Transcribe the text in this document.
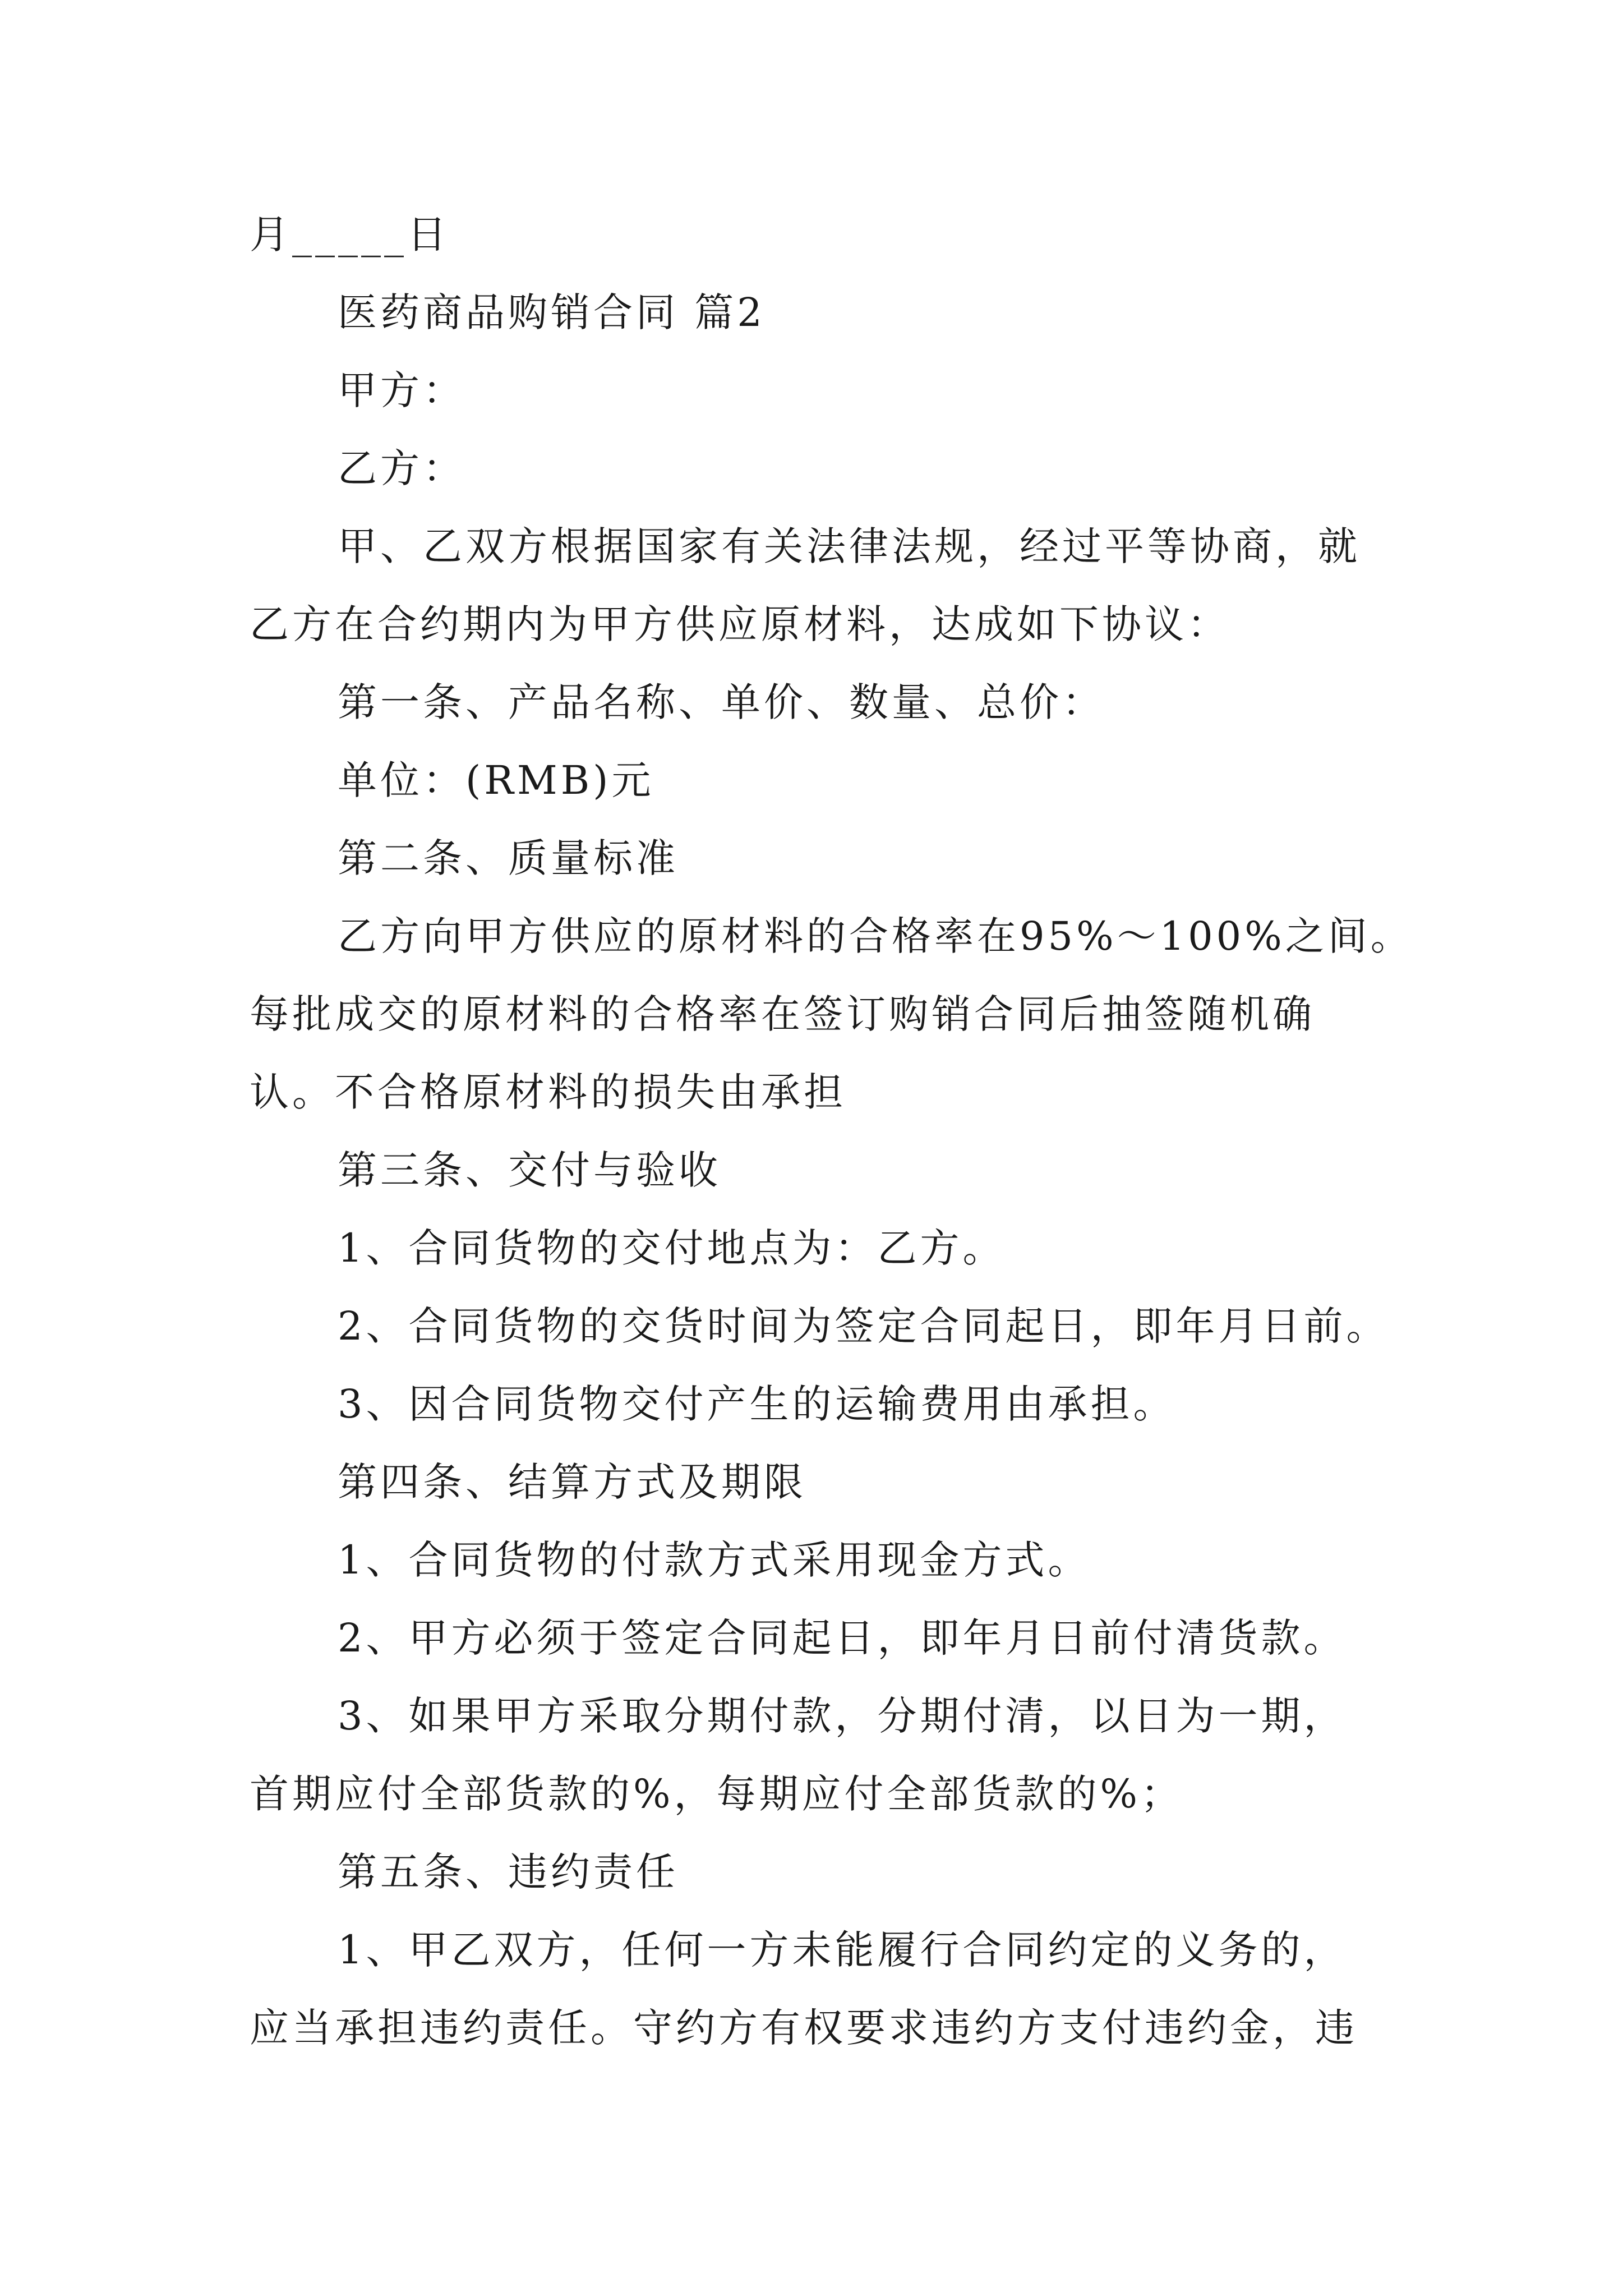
月_____日
医药商品购销合同 篇2
甲方：
乙方：
甲、乙双方根据国家有关法律法规，经过平等协商，就
乙方在合约期内为甲方供应原材料，达成如下协议：
第一条、产品名称、单价、数量、总价：
单位：(RMB)元
第二条、质量标准
乙方向甲方供应的原材料的合格率在95%～100%之间。
每批成交的原材料的合格率在签订购销合同后抽签随机确
认。不合格原材料的损失由承担
第三条、交付与验收
1、合同货物的交付地点为：乙方。
2、合同货物的交货时间为签定合同起日，即年月日前。
3、因合同货物交付产生的运输费用由承担。
第四条、结算方式及期限
1、合同货物的付款方式采用现金方式。
2、甲方必须于签定合同起日，即年月日前付清货款。
3、如果甲方采取分期付款，分期付清，以日为一期，
首期应付全部货款的%，每期应付全部货款的%；
第五条、违约责任
1、甲乙双方，任何一方未能履行合同约定的义务的，
应当承担违约责任。守约方有权要求违约方支付违约金，违
